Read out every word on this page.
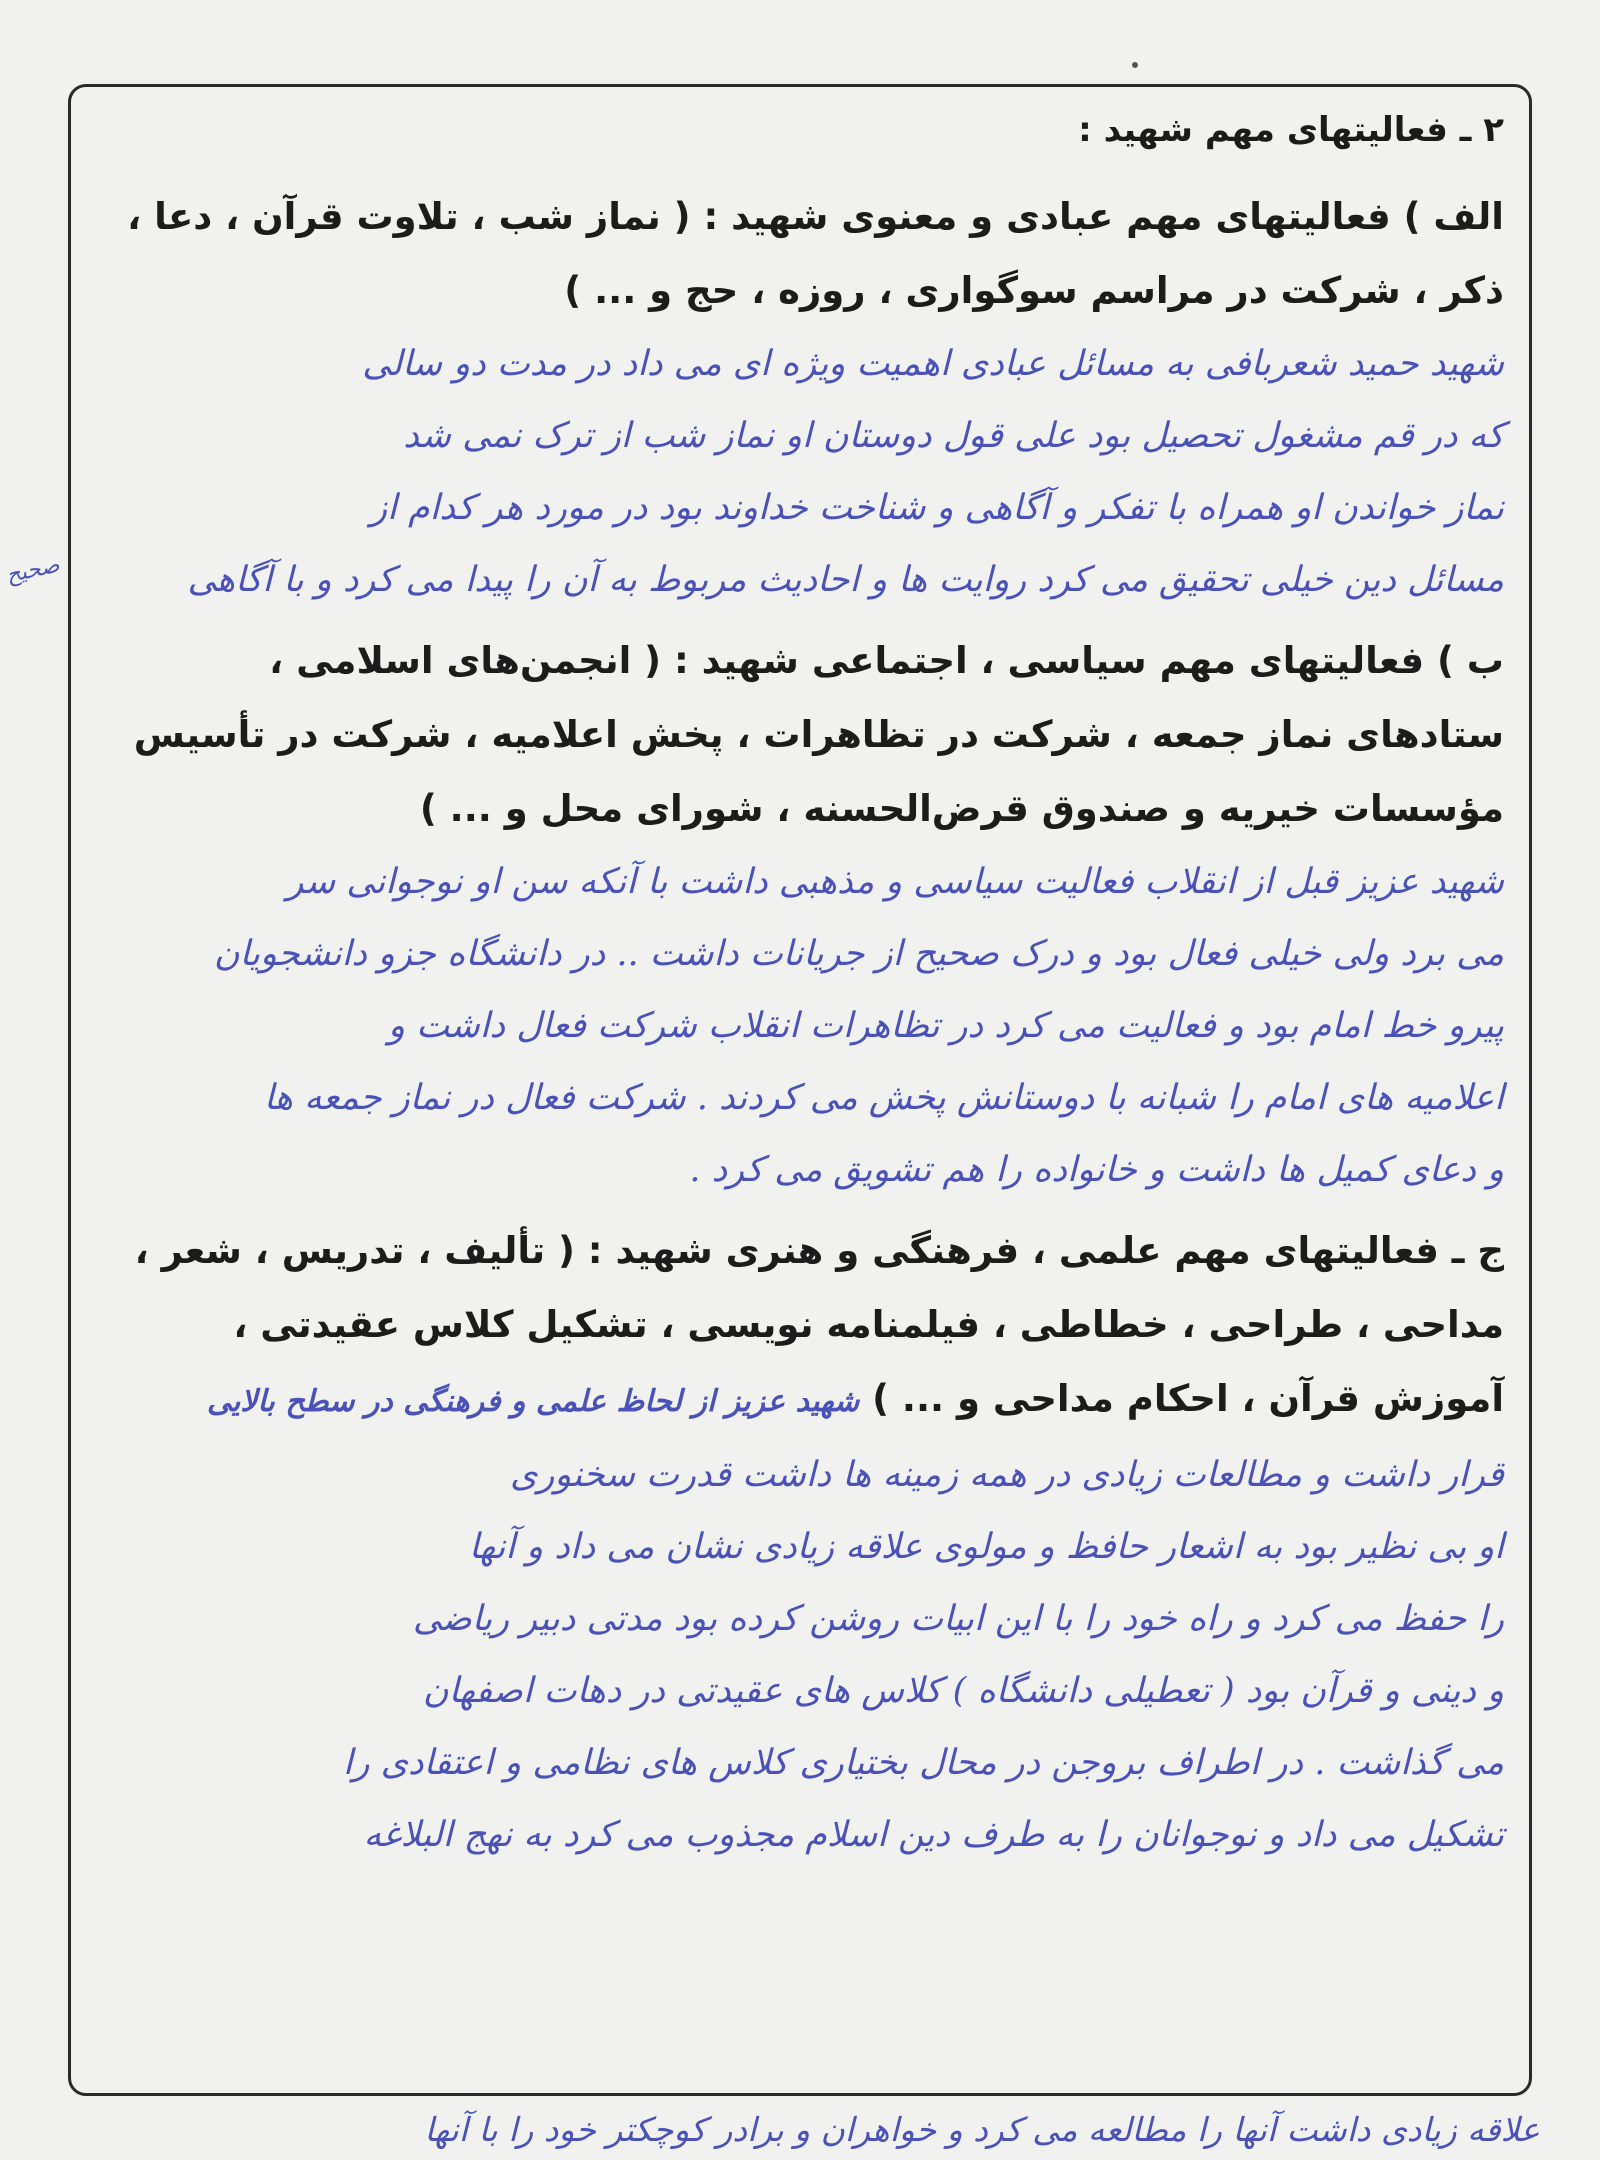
۲ ـ فعالیتهای مهم شهید :

الف ) فعالیتهای مهم عبادی و معنوی شهید : ( نماز شب ، تلاوت قرآن ، دعا ،

ذکر ، شرکت در مراسم سوگواری ، روزه ، حج و ... )

شهید حمید شعربافی به مسائل عبادی اهمیت ویژه ای می داد در مدت دو سالی

که در قم مشغول تحصیل بود علی قول دوستان او نماز شب از ترک نمی شد

نماز خواندن او همراه با تفکر و آگاهی و شناخت خداوند بود در مورد هر کدام از

مسائل دین خیلی تحقیق می کرد روایت ها و احادیث مربوط به آن را پیدا می کرد و با آگاهی

ب ) فعالیتهای مهم سیاسی ، اجتماعی شهید : ( انجمن‌های اسلامی ،

ستادهای نماز جمعه ، شرکت در تظاهرات ، پخش اعلامیه ، شرکت در تأسیس

مؤسسات خیریه و صندوق قرض‌الحسنه ، شورای محل و ... )

شهید عزیز قبل از انقلاب فعالیت سیاسی و مذهبی داشت با آنکه سن او نوجوانی سر

می برد ولی خیلی فعال بود و درک صحیح از جریانات داشت .. در دانشگاه جزو دانشجویان

پیرو خط امام بود و فعالیت می کرد در تظاهرات انقلاب شرکت فعال داشت و

اعلامیه های امام را شبانه با دوستانش پخش می کردند . شرکت فعال در نماز جمعه ها

و دعای کمیل ها داشت و خانواده را هم تشویق می کرد .

ج ـ فعالیتهای مهم علمی ، فرهنگی و هنری شهید : ( تألیف ، تدریس ، شعر ،

مداحی ، طراحی ، خطاطی ، فیلمنامه نویسی ، تشکیل کلاس عقیدتی ،

آموزش قرآن ، احکام مداحی و ... ) شهید عزیز از لحاظ علمی و فرهنگی در سطح بالایی

قرار داشت و مطالعات زیادی در همه زمینه ها داشت قدرت سخنوری

او بی نظیر بود به اشعار حافظ و مولوی علاقه زیادی نشان می داد و آنها

را حفظ می کرد و راه خود را با این ابیات روشن کرده بود مدتی دبیر ریاضی

و دینی و قرآن بود ( تعطیلی دانشگاه ) کلاس های عقیدتی در دهات اصفهان

می گذاشت . در اطراف بروجن در محال بختیاری کلاس های نظامی و اعتقادی را

تشکیل می داد و نوجوانان را به طرف دین اسلام مجذوب می کرد به نهج البلاغه

صحیح
علاقه زیادی داشت آنها را مطالعه می کرد و خواهران و برادر کوچکتر خود را با آنها
